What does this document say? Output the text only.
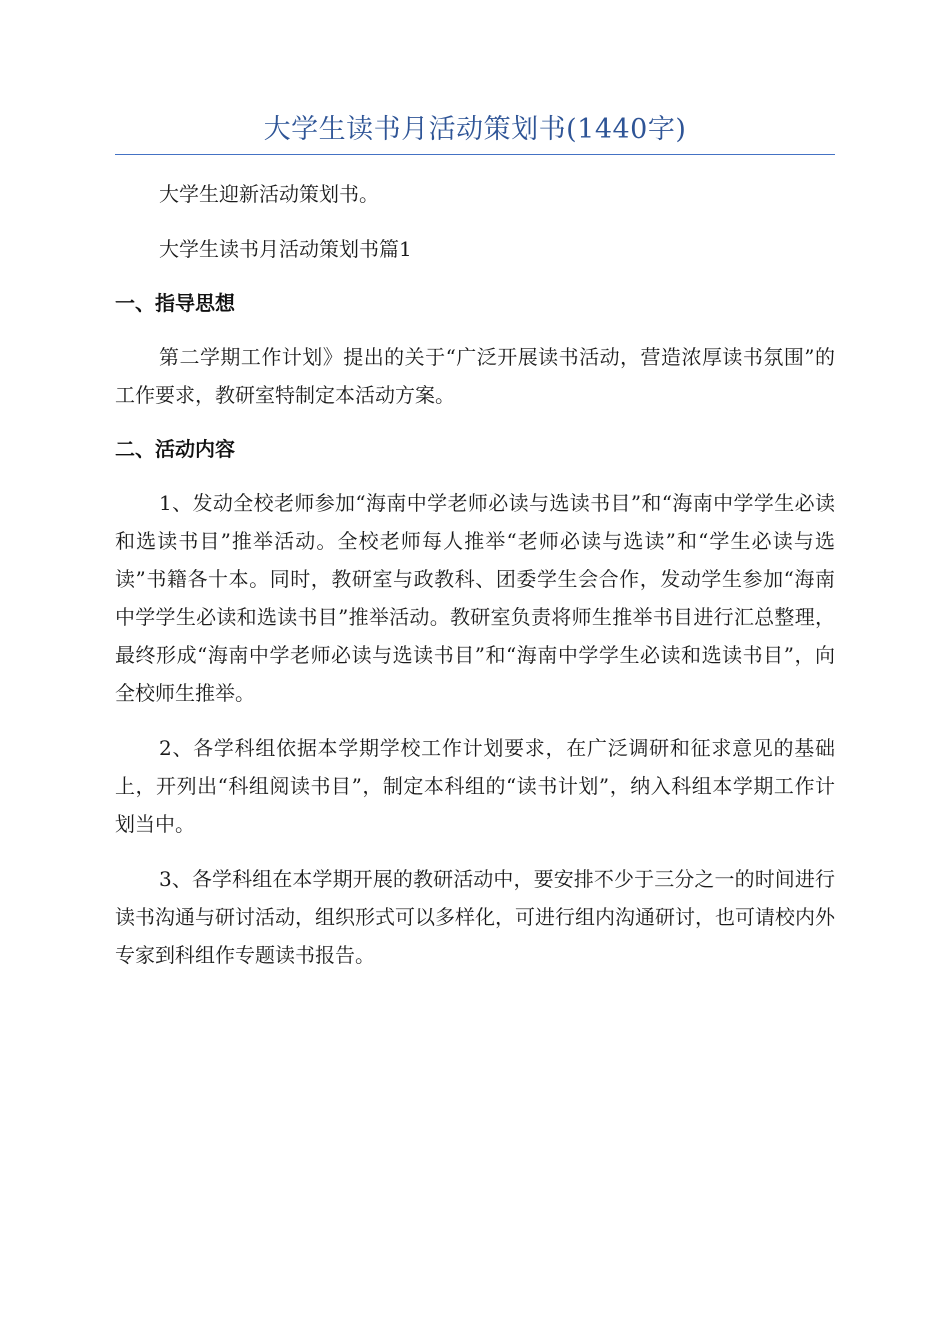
大学生读书月活动策划书(1440字)

大学生迎新活动策划书。

大学生读书月活动策划书篇1

一、指导思想

第二学期工作计划》提出的关于“广泛开展读书活动，营造浓厚读书氛围”的工作要求，教研室特制定本活动方案。

二、活动内容

1、发动全校老师参加“海南中学老师必读与选读书目”和“海南中学学生必读和选读书目”推举活动。全校老师每人推举“老师必读与选读”和“学生必读与选读”书籍各十本。同时，教研室与政教科、团委学生会合作，发动学生参加“海南中学学生必读和选读书目”推举活动。教研室负责将师生推举书目进行汇总整理，最终形成“海南中学老师必读与选读书目”和“海南中学学生必读和选读书目”，向全校师生推举。

2、各学科组依据本学期学校工作计划要求，在广泛调研和征求意见的基础上，开列出“科组阅读书目”，制定本科组的“读书计划”，纳入科组本学期工作计划当中。

3、各学科组在本学期开展的教研活动中，要安排不少于三分之一的时间进行读书沟通与研讨活动，组织形式可以多样化，可进行组内沟通研讨，也可请校内外专家到科组作专题读书报告。
